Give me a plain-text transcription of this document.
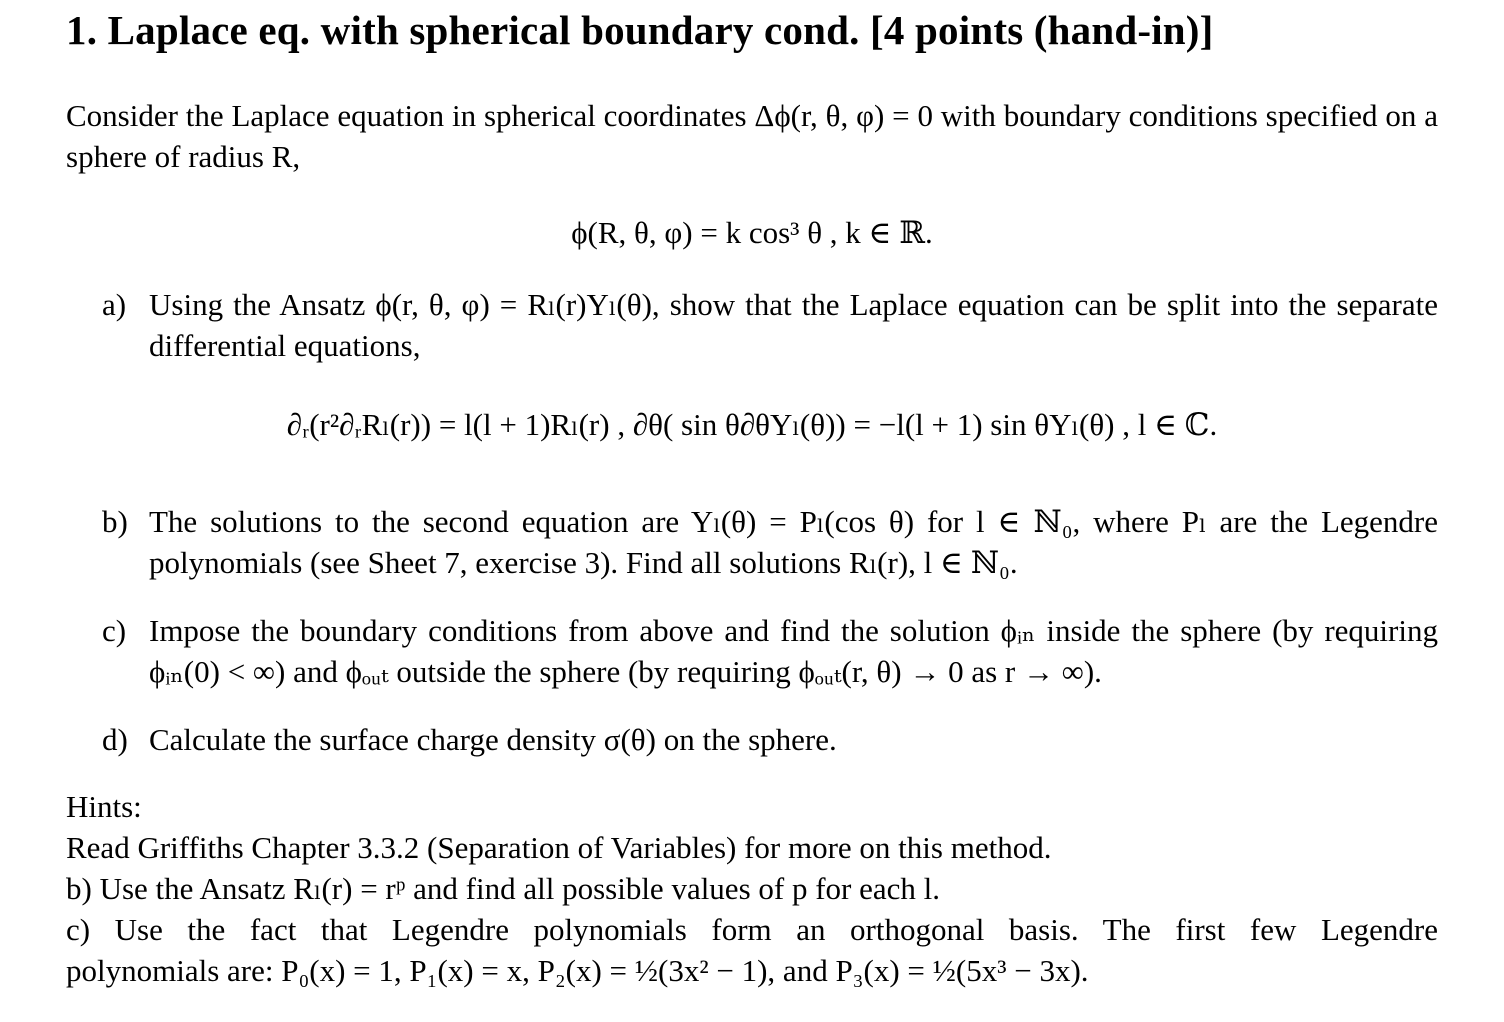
1. Laplace eq. with spherical boundary cond. [4 points (hand-in)]
Consider the Laplace equation in spherical coordinates Δϕ(r, θ, φ) = 0 with boundary conditions specified on a sphere of radius R,
ϕ(R, θ, φ) = k cos³ θ , k ∈ ℝ.
a) Using the Ansatz ϕ(r, θ, φ) = Rₗ(r)Yₗ(θ), show that the Laplace equation can be split into the separate differential equations,
∂ᵣ(r²∂ᵣRₗ(r)) = l(l + 1)Rₗ(r) , ∂θ( sin θ∂θYₗ(θ)) = −l(l + 1) sin θYₗ(θ) , l ∈ ℂ.
b) The solutions to the second equation are Yₗ(θ) = Pₗ(cos θ) for l ∈ ℕ₀, where Pₗ are the Legendre polynomials (see Sheet 7, exercise 3). Find all solutions Rₗ(r), l ∈ ℕ₀.
c) Impose the boundary conditions from above and find the solution ϕᵢₙ inside the sphere (by requiring ϕᵢₙ(0) < ∞) and ϕₒᵤₜ outside the sphere (by requiring ϕₒᵤₜ(r, θ) → 0 as r → ∞).
d) Calculate the surface charge density σ(θ) on the sphere.
Hints:
Read Griffiths Chapter 3.3.2 (Separation of Variables) for more on this method.
b) Use the Ansatz Rₗ(r) = rᵖ and find all possible values of p for each l.
c) Use the fact that Legendre polynomials form an orthogonal basis. The first few Legendre
polynomials are: P₀(x) = 1, P₁(x) = x, P₂(x) = ½(3x² − 1), and P₃(x) = ½(5x³ − 3x).
